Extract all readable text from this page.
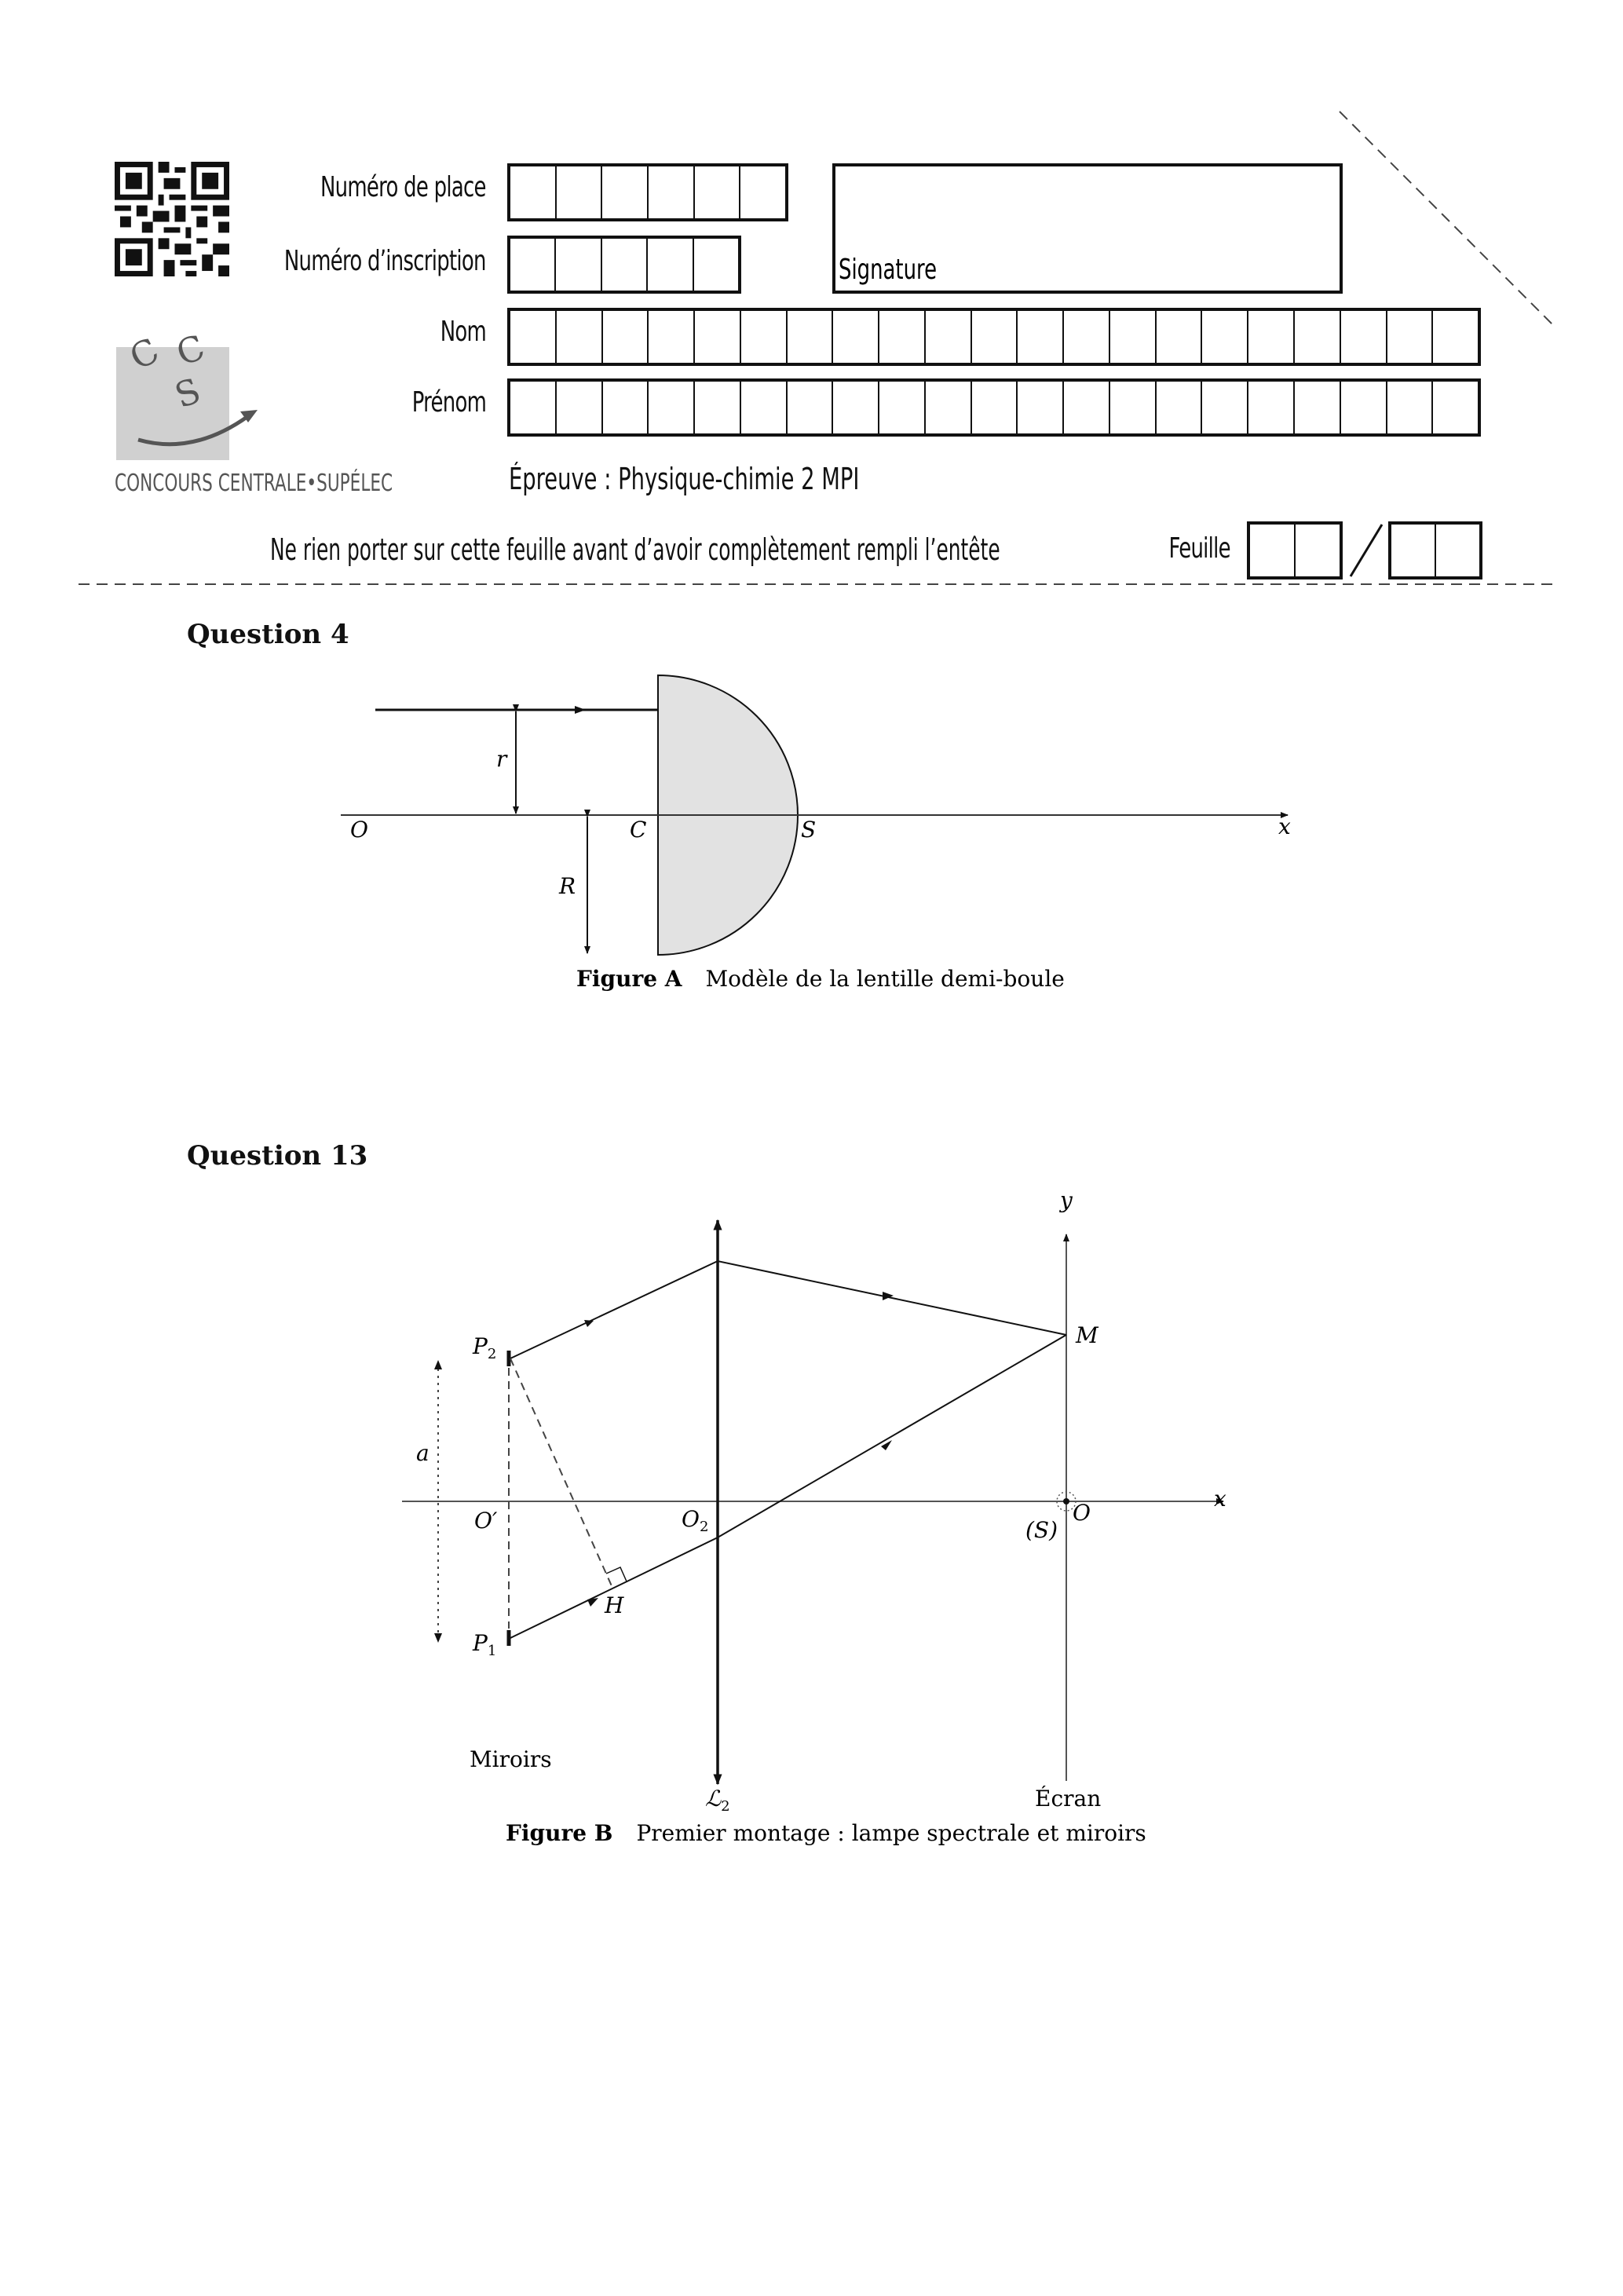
C C
S
CONCOURS CENTRALE•SUPÉLEC
Numéro de place
Numéro d’inscription
Nom
Prénom
Signature
Épreuve : Physique-chimie 2 MPI
Ne rien porter sur cette feuille avant d’avoir complètement rempli l’entête	Feuille
Question 4
O	C	S	x
r
R
Figure A Modèle de la lentille demi-boule
Question 13
$P_2$
$P_1$
a
O′	$O_2$
H
(S)
O
x
y
M
ℒ$_2$
Miroirs
Écran
Figure B Premier montage : lampe spectrale et miroirs
